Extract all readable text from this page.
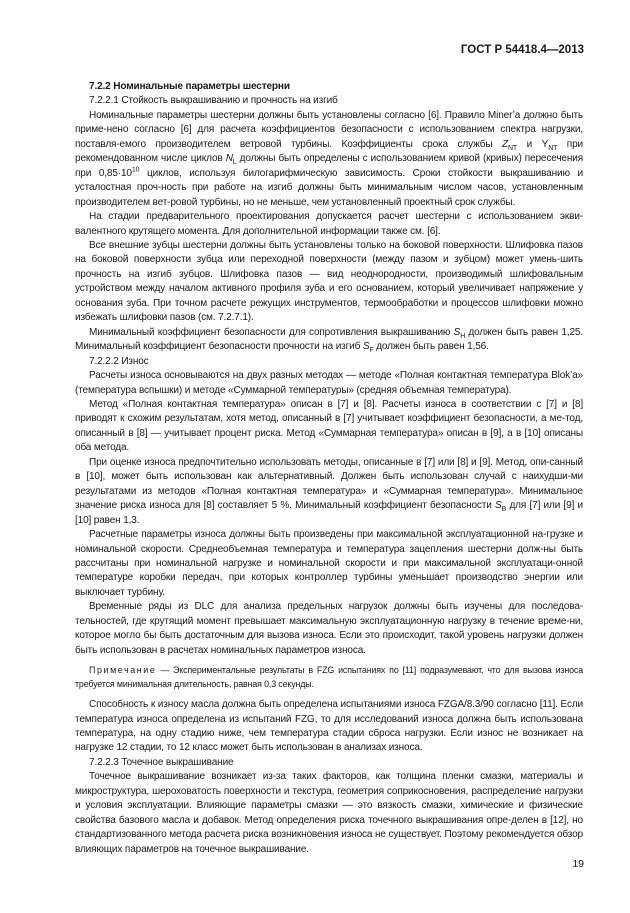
ГОСТ Р 54418.4—2013

7.2.2 Номинальные параметры шестерни

7.2.2.1 Стойкость выкрашиванию и прочность на изгиб

Номинальные параметры шестерни должны быть установлены согласно [6]. Правило Miner’a должно быть приме-нено согласно [6] для расчета коэффициентов безопасности с использованием спектра нагрузки, поставля-емого производителем ветровой турбины. Коэффициенты срока службы $Z_{NT}$ и $Y_{NT}$ при рекомендованном числе циклов $N_L$ должны быть определены с использованием кривой (кривых) пересечения при $0,85\cdot 10^{10}$ циклов, используя билогарифмическую зависимость. Сроки стойкости выкрашиванию и усталостная проч-ность при работе на изгиб должны быть минимальным числом часов, установленным производителем вет-ровой турбины, но не меньше, чем установленный проектный срок службы.

На стадии предварительного проектирования допускается расчет шестерни с использованием экви-валентного крутящего момента. Для дополнительной информации также см. [6].

Все внешние зубцы шестерни должны быть установлены только на боковой поверхности. Шлифовка пазов на боковой поверхности зубца или переходной поверхности (между пазом и зубцом) может умень-шить прочность на изгиб зубцов. Шлифовка пазов — вид неоднородности, производимый шлифовальным устройством между началом активного профиля зуба и его основанием, который увеличивает напряжение у основания зуба. При точном расчете режущих инструментов, термообработки и процессов шлифовки можно избежать шлифовки пазов (см. 7.2.7.1).

Минимальный коэффициент безопасности для сопротивления выкрашиванию $S_H$ должен быть равен 1,25. Минимальный коэффициент безопасности прочности на изгиб $S_F$ должен быть равен 1,56.

7.2.2.2 Износ

Расчеты износа основываются на двух разных методах — методе «Полная контактная температура Blok’a» (температура вспышки) и методе «Суммарной температуры» (средняя объемная температура).

Метод «Полная контактная температура» описан в [7] и [8]. Расчеты износа в соответствии с [7] и [8] приводят к схожим результатам, хотя метод, описанный в [7] учитывает коэффициент безопасности, а ме-тод, описанный в [8] — учитывает процент риска. Метод «Суммарная температура» описан в [9], а в [10] описаны оба метода.

При оценке износа предпочтительно использовать методы, описанные в [7] или [8] и [9]. Метод, опи-санный в [10], может быть использован как альтернативный. Должен быть использован случай с наихудши-ми результатами из методов «Полная контактная температура» и «Суммарная температура». Минимальное значение риска износа для [8] составляет 5 %. Минимальный коэффициент безопасности $S_B$ для [7] или [9] и [10] равен 1,3.

Расчетные параметры износа должны быть произведены при максимальной эксплуатационной на-грузке и номинальной скорости. Среднеобъемная температура и температура зацепления шестерни долж-ны быть рассчитаны при номинальной нагрузке и номинальной скорости и при максимальной эксплуатаци-онной температуре коробки передач, при которых контроллер турбины уменьшает производство энергии или выключает турбину.

Временные ряды из DLC для анализа предельных нагрузок должны быть изучены для последова-тельностей, где крутящий момент превышает максимальную эксплуатационную нагрузку в течение време-ни, которое могло бы быть достаточным для вызова износа. Если это происходит, такой уровень нагрузки должен быть использован в расчетах номинальных параметров износа.

Примечание — Экспериментальные результаты в FZG испытаниях по [11] подразумевают, что для вызова износа требуется минимальная длительность, равная 0,3 секунды.

Способность к износу масла должна быть определена испытаниями износа FZGA/8.3/90 согласно [11]. Если температура износа определена из испытаний FZG, то для исследований износа должна быть использована температура, на одну стадию ниже, чем температура стадии сброса нагрузки. Если износ не возникает на нагрузке 12 стадии, то 12 класс может быть использован в анализах износа.

7.2.2.3 Точечное выкрашивание

Точечное выкрашивание возникает из-за таких факторов, как толщина пленки смазки, материалы и микроструктура, шероховатость поверхности и текстура, геометрия соприкосновения, распределение нагрузки и условия эксплуатации. Влияющие параметры смазки — это вязкость смазки, химические и физические свойства базового масла и добавок. Метод определения риска точечного выкрашивания опре-делен в [12], но стандартизованного метода расчета риска возникновения износа не существует. Поэтому рекомендуется обзор влияющих параметров на точечное выкрашивание.

19
